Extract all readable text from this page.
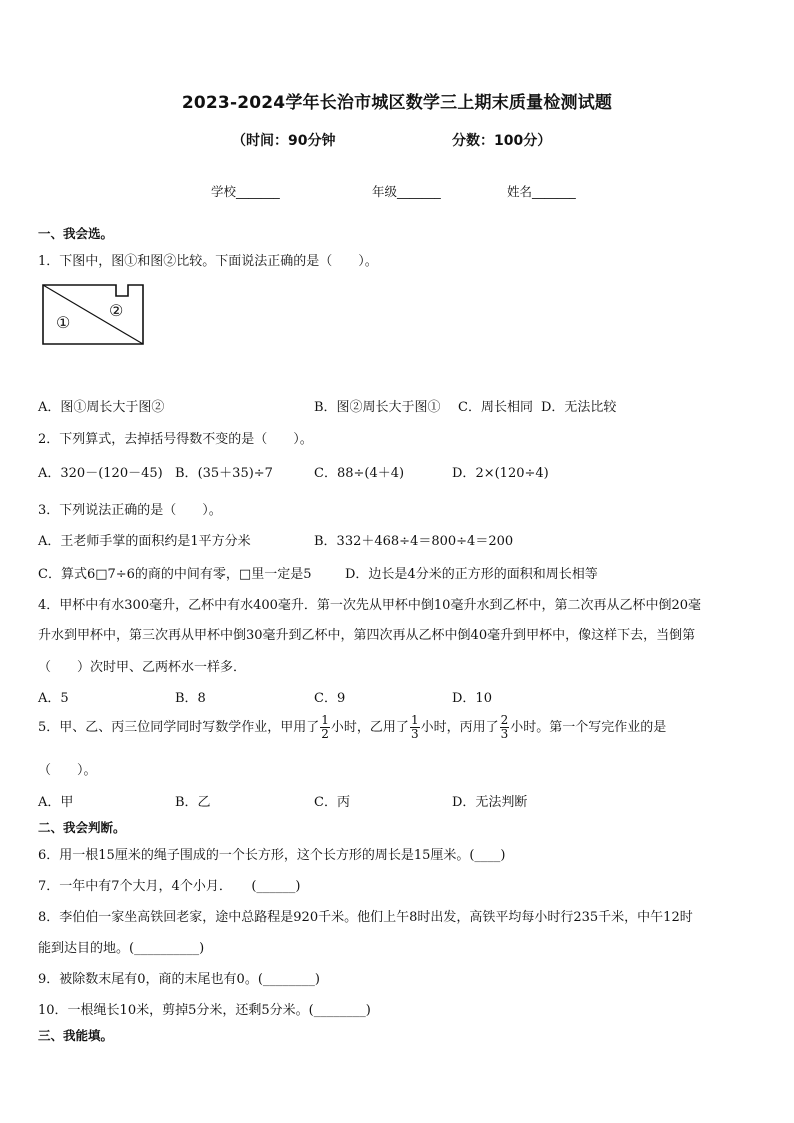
2023-2024学年长治市城区数学三上期末质量检测试题
（时间：90分钟	分数：100分）
学校_______	年级_______	姓名_______
一、我会选。
1．下图中，图①和图②比较。下面说法正确的是（　　）。
①
②
A．图①周长大于图②	B．图②周长大于图① C．周长相同 D．无法比较
2．下列算式，去掉括号得数不变的是（　　）。
A．320－(120－45) B．(35＋35)÷7	C．88÷(4＋4)	D．2×(120÷4)
3．下列说法正确的是（　　）。
A．王老师手掌的面积约是1平方分米	B．332＋468÷4＝800÷4＝200
C．算式6□7÷6的商的中间有零，□里一定是5	D．边长是4分米的正方形的面积和周长相等
4．甲杯中有水300毫升，乙杯中有水400毫升．第一次先从甲杯中倒10毫升水到乙杯中，第二次再从乙杯中倒20毫
升水到甲杯中，第三次再从甲杯中倒30毫升到乙杯中，第四次再从乙杯中倒40毫升到甲杯中，像这样下去，当倒第
（　　）次时甲、乙两杯水一样多．
A．5	B．8	C．9	D．10
5．甲、乙、丙三位同学同时写数学作业，甲用了 $\frac{1}{2}$ 小时，乙用了 $\frac{1}{3}$ 小时，丙用了 $\frac{2}{3}$ 小时。第一个写完作业的是
（　　）。
A．甲	B．乙	C．丙	D．无法判断
二、我会判断。
6．用一根15厘米的绳子围成的一个长方形，这个长方形的周长是15厘米。(____)
7．一年中有7个大月，4个小月．　　(______)
8．李伯伯一家坐高铁回老家，途中总路程是920千米。他们上午8时出发，高铁平均每小时行235千米，中午12时
能到达目的地。(__________)
9．被除数末尾有0，商的末尾也有0。(________)
10．一根绳长10米，剪掉5分米，还剩5分米。(________)
三、我能填。
